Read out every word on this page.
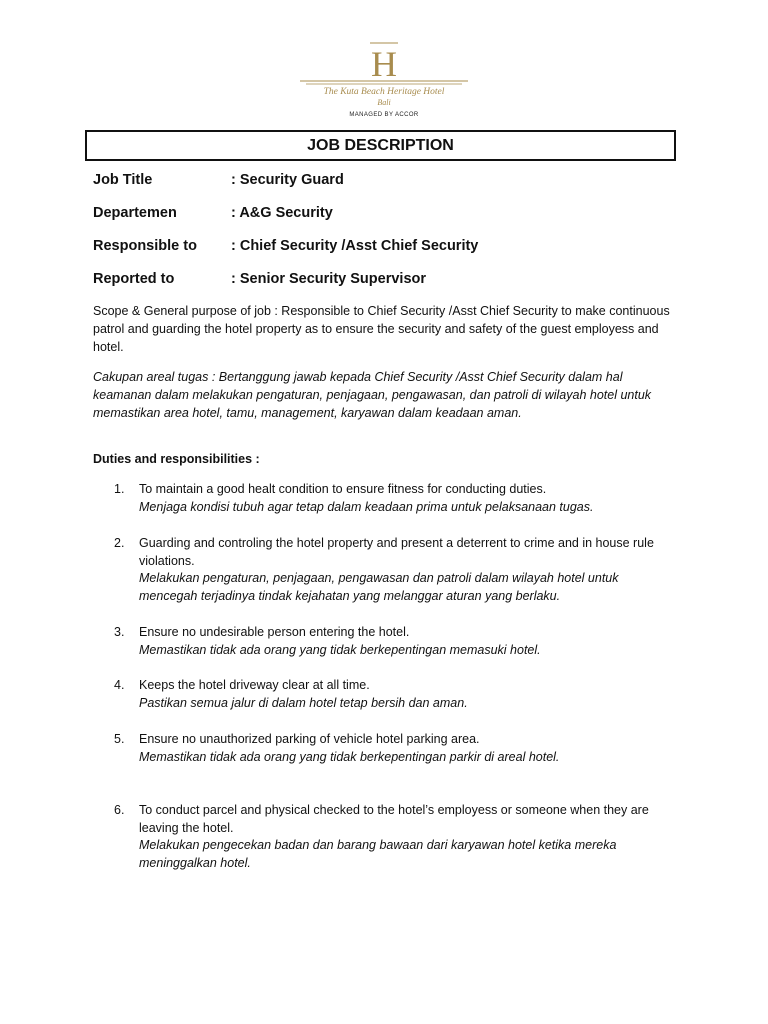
H
The Kuta Beach Heritage Hotel
Bali
MANAGED BY ACCOR
JOB DESCRIPTION
Job Title	: Security Guard
Departemen	: A&G Security
Responsible to	: Chief Security /Asst Chief Security
Reported to	: Senior Security Supervisor
Scope & General purpose of job : Responsible to Chief Security /Asst Chief Security to make continuous patrol and guarding the hotel property as to ensure the security and safety of the guest employess and hotel.
Cakupan areal tugas : Bertanggung jawab kepada Chief Security /Asst Chief Security dalam hal keamanan dalam melakukan pengaturan, penjagaan, pengawasan, dan patroli di wilayah hotel untuk memastikan area hotel, tamu, management, karyawan dalam keadaan aman.
Duties and responsibilities :
1.	To maintain a good healt condition to ensure fitness for conducting duties.
Menjaga kondisi tubuh agar tetap dalam keadaan prima untuk pelaksanaan tugas.
2.	Guarding and controling the hotel property and present a deterrent to crime and in house rule violations.
Melakukan pengaturan, penjagaan, pengawasan dan patroli dalam wilayah hotel untuk mencegah terjadinya tindak kejahatan yang melanggar aturan yang berlaku.
3.	Ensure no undesirable person entering the hotel.
Memastikan tidak ada orang yang tidak berkepentingan memasuki hotel.
4.	Keeps the hotel driveway clear at all time.
Pastikan semua jalur di dalam hotel tetap bersih dan aman.
5.	Ensure no unauthorized parking of vehicle hotel parking area.
Memastikan tidak ada orang yang tidak berkepentingan parkir di areal hotel.
6.	To conduct parcel and physical checked to the hotel’s employess or someone when they are leaving the hotel.
Melakukan pengecekan badan dan barang bawaan dari karyawan hotel ketika mereka meninggalkan hotel.
